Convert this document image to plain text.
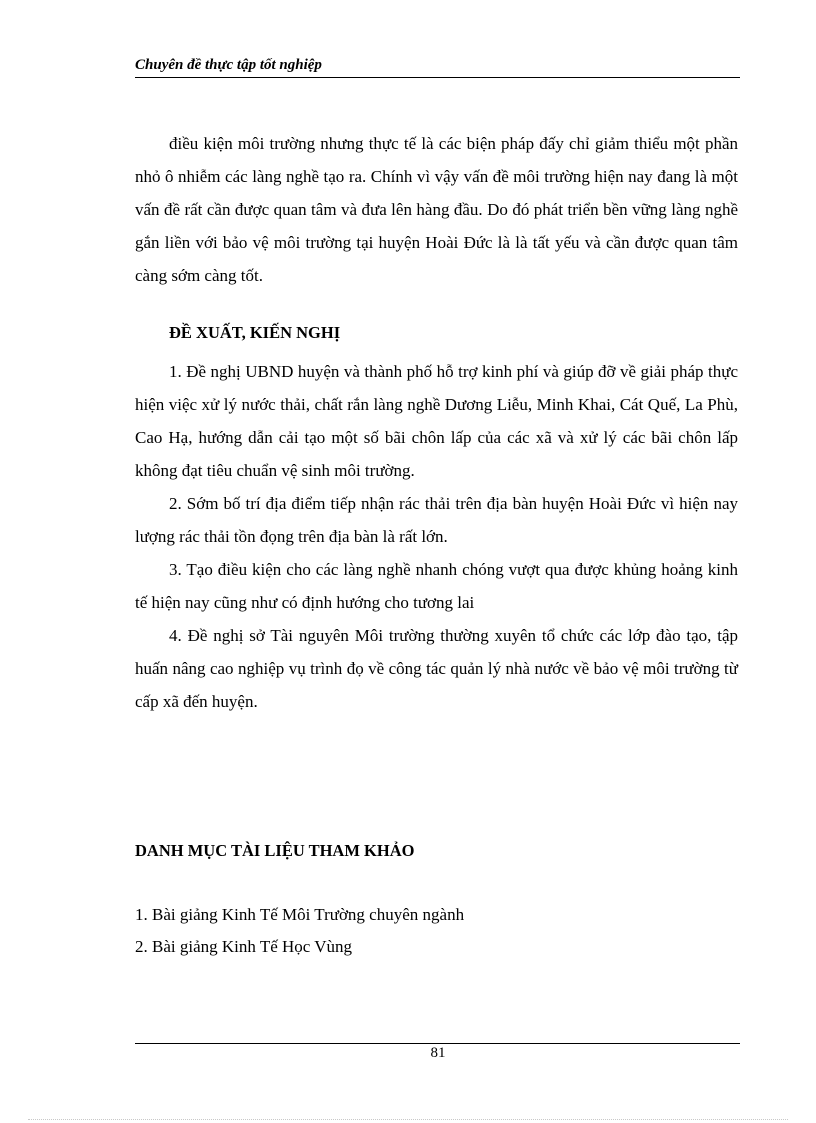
Chuyên đề thực tập tốt nghiệp

điều kiện môi trường nhưng thực tế là các biện pháp đấy chỉ giảm thiểu một phần nhỏ ô nhiễm các làng nghề tạo ra. Chính vì vậy vấn đề môi trường hiện nay đang là một vấn đề rất cần được quan tâm và đưa lên hàng đầu. Do đó phát triển bền vững làng nghề gắn liền với bảo vệ môi trường tại huyện Hoài Đức là là tất yếu và cần được quan tâm càng sớm càng tốt.

ĐỀ XUẤT, KIẾN NGHỊ

1. Đề nghị UBND huyện và thành phố hỗ trợ kinh phí và giúp đỡ về giải pháp thực hiện việc xử lý nước thải, chất rắn làng nghề Dương Liễu, Minh Khai, Cát Quế, La Phù, Cao Hạ, hướng dẫn cải tạo một số bãi chôn lấp của các xã và xử lý các bãi chôn lấp không đạt tiêu chuẩn vệ sinh môi trường.

2. Sớm bố trí địa điểm tiếp nhận rác thải trên địa bàn huyện Hoài Đức vì hiện nay lượng rác thải tồn đọng trên địa bàn là rất lớn.

3. Tạo điều kiện cho các làng nghề nhanh chóng vượt qua được khủng hoảng kinh tế hiện nay cũng như có định hướng cho tương lai

4. Đề nghị sở Tài nguyên Môi trường thường xuyên tổ chức các lớp đào tạo, tập huấn nâng cao nghiệp vụ trình đọ về công tác quản lý nhà nước về bảo vệ môi trường từ cấp xã đến huyện.

DANH MỤC TÀI LIỆU THAM KHẢO

1. Bài giảng Kinh Tế Môi Trường chuyên ngành

2. Bài giảng Kinh Tế Học Vùng

81
